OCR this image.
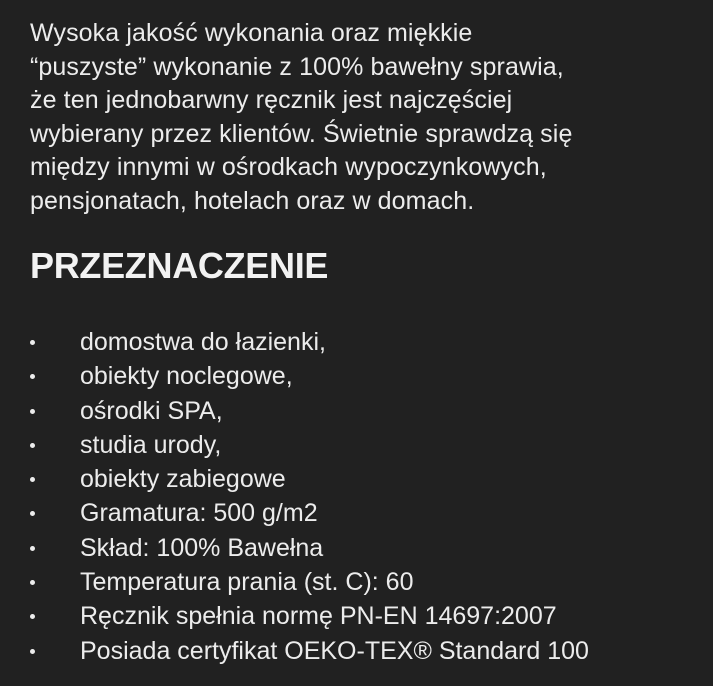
Wysoka jakość wykonania oraz miękkie
“puszyste” wykonanie z 100% bawełny sprawia,
że ten jednobarwny ręcznik jest najczęściej
wybierany przez klientów. Świetnie sprawdzą się
między innymi w ośrodkach wypoczynkowych,
pensjonatach, hotelach oraz w domach.

PRZEZNACZENIE
domostwa do łazienki,
obiekty noclegowe,
ośrodki SPA,
studia urody,
obiekty zabiegowe
Gramatura: 500 g/m2
Skład: 100% Bawełna
Temperatura prania (st. C): 60
Ręcznik spełnia normę PN-EN 14697:2007
Posiada certyfikat OEKO-TEX® Standard 100
